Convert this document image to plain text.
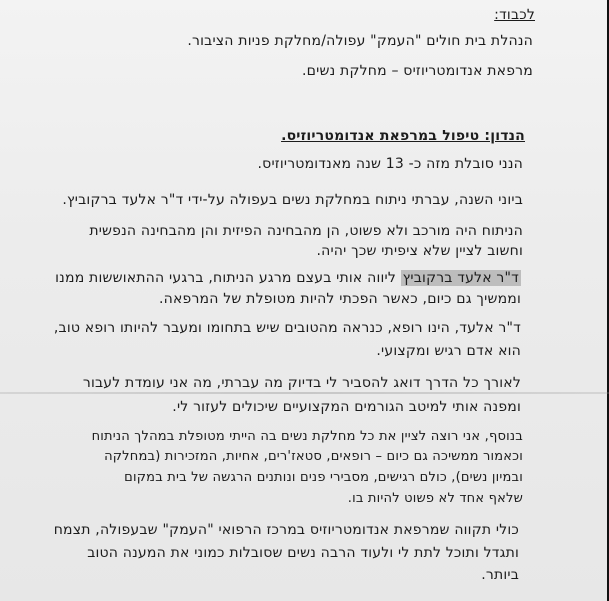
לכבוד:
הנהלת בית חולים "העמק" עפולה/מחלקת פניות הציבור.
מרפאת אנדומטריוזיס – מחלקת נשים.
הנדון: טיפול במרפאת אנדומטריוזיס.
הנני סובלת מזה כ- 13 שנה מאנדומטריוזיס.
ביוני השנה, עברתי ניתוח במחלקת נשים בעפולה על-ידי ד"ר אלעד ברקוביץ.
הניתוח היה מורכב ולא פשוט, הן מהבחינה הפיזית והן מהבחינה הנפשית
וחשוב לציין שלא ציפיתי שכך יהיה.
ד"ר אלעד ברקוביץ ליווה אותי בעצם מרגע הניתוח, ברגעי ההתאוששות ממנו
וממשיך גם כיום, כאשר הפכתי להיות מטופלת של המרפאה.
ד"ר אלעד, הינו רופא, כנראה מהטובים שיש בתחומו ומעבר להיותו רופא טוב,
הוא אדם רגיש ומקצועי.
לאורך כל הדרך דואג להסביר לי בדיוק מה עברתי, מה אני עומדת לעבור
ומפנה אותי למיטב הגורמים המקצועיים שיכולים לעזור לי.
בנוסף, אני רוצה לציין את כל מחלקת נשים בה הייתי מטופלת במהלך הניתוח
וכאמור ממשיכה גם כיום – רופאים, סטאז'רים, אחיות, המזכירות (במחלקה
ובמיון נשים), כולם רגישים, מסבירי פנים ונותנים הרגשה של בית במקום
שלאף אחד לא פשוט להיות בו.
כולי תקווה שמרפאת אנדומטריוזיס במרכז הרפואי "העמק" שבעפולה, תצמח
ותגדל ותוכל לתת לי ולעוד הרבה נשים שסובלות כמוני את המענה הטוב
ביותר.
